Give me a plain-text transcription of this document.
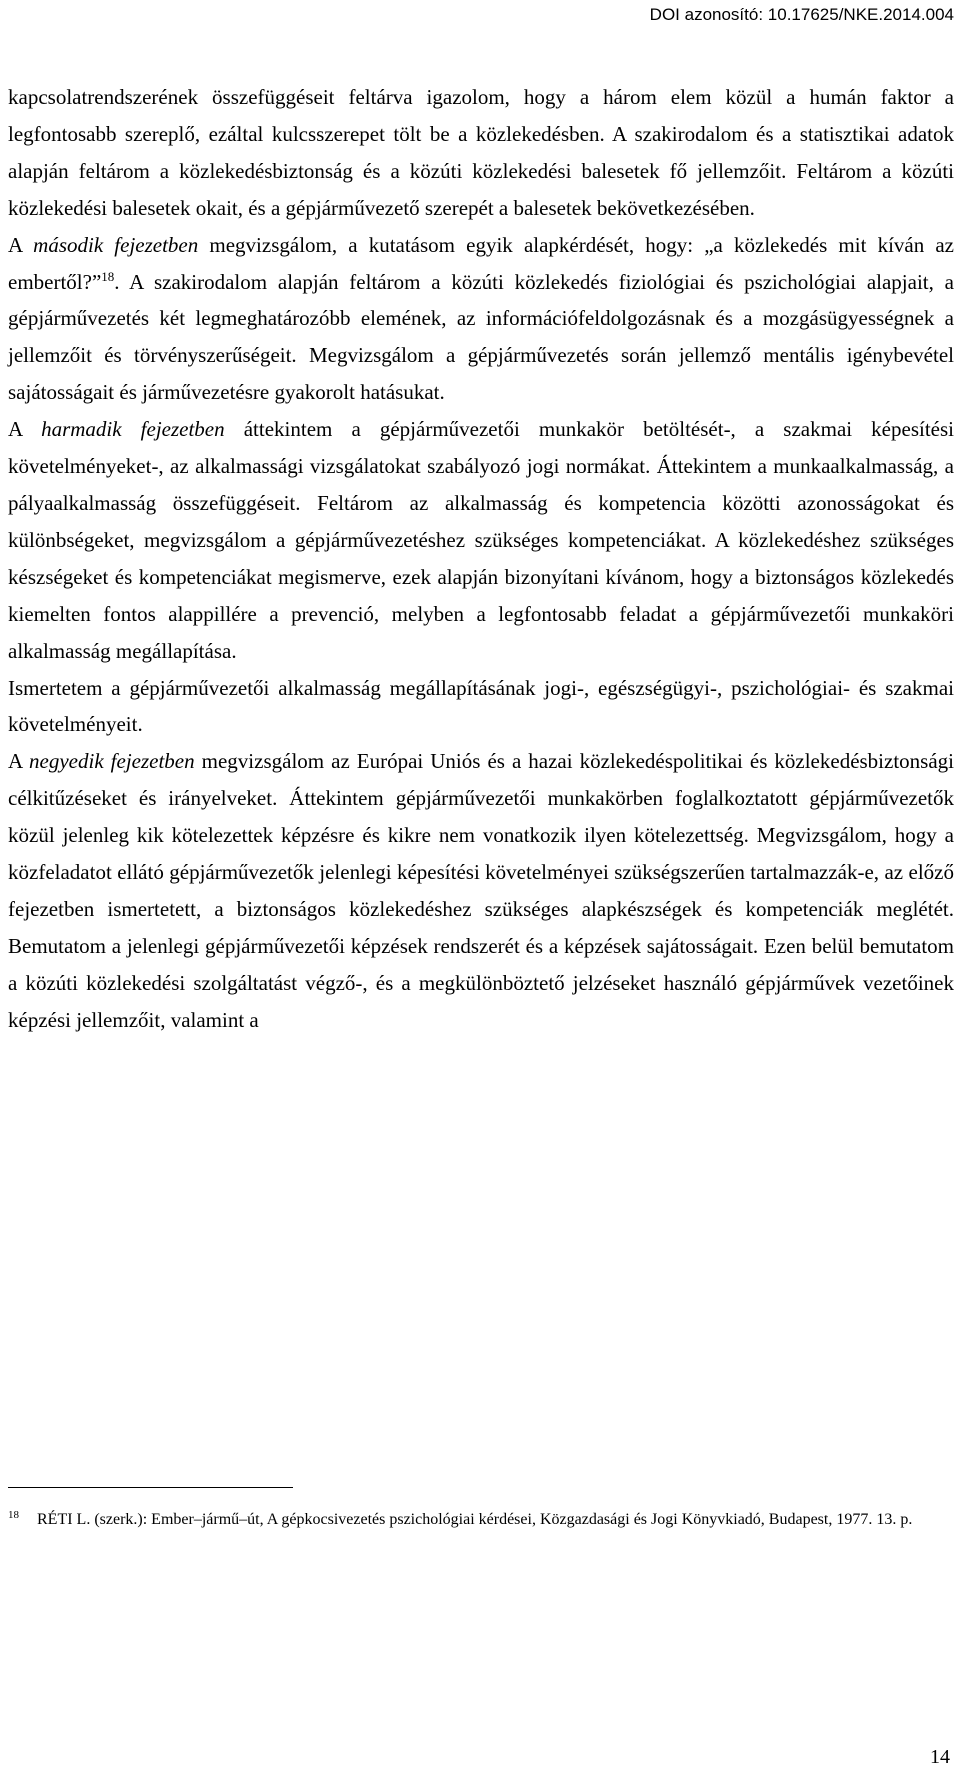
DOI azonosító: 10.17625/NKE.2014.004

kapcsolatrendszerének összefüggéseit feltárva igazolom, hogy a három elem közül a humán faktor a legfontosabb szereplő, ezáltal kulcsszerepet tölt be a közlekedésben. A szakirodalom és a statisztikai adatok alapján feltárom a közlekedésbiztonság és a közúti közlekedési balesetek fő jellemzőit. Feltárom a közúti közlekedési balesetek okait, és a gépjárművezető szerepét a balesetek bekövetkezésében.

A második fejezetben megvizsgálom, a kutatásom egyik alapkérdését, hogy: „a közlekedés mit kíván az embertől?”$^{18}$. A szakirodalom alapján feltárom a közúti közlekedés fiziológiai és pszichológiai alapjait, a gépjárművezetés két legmeghatározóbb elemének, az információfeldolgozásnak és a mozgásügyességnek a jellemzőit és törvényszerűségeit. Megvizsgálom a gépjárművezetés során jellemző mentális igénybevétel sajátosságait és járművezetésre gyakorolt hatásukat.

A harmadik fejezetben áttekintem a gépjárművezetői munkakör betöltését-, a szakmai képesítési követelményeket-, az alkalmassági vizsgálatokat szabályozó jogi normákat. Áttekintem a munkaalkalmasság, a pályaalkalmasság összefüggéseit. Feltárom az alkalmasság és kompetencia közötti azonosságokat és különbségeket, megvizsgálom a gépjárművezetéshez szükséges kompetenciákat. A közlekedéshez szükséges készségeket és kompetenciákat megismerve, ezek alapján bizonyítani kívánom, hogy a biztonságos közlekedés kiemelten fontos alappillére a prevenció, melyben a legfontosabb feladat a gépjárművezetői munkaköri alkalmasság megállapítása.

Ismertetem a gépjárművezetői alkalmasság megállapításának jogi-, egészségügyi-, pszichológiai- és szakmai követelményeit.

A negyedik fejezetben megvizsgálom az Európai Uniós és a hazai közlekedéspolitikai és közlekedésbiztonsági célkitűzéseket és irányelveket. Áttekintem gépjárművezetői munkakörben foglalkoztatott gépjárművezetők közül jelenleg kik kötelezettek képzésre és kikre nem vonatkozik ilyen kötelezettség. Megvizsgálom, hogy a közfeladatot ellátó gépjárművezetők jelenlegi képesítési követelményei szükségszerűen tartalmazzák-e, az előző fejezetben ismertetett, a biztonságos közlekedéshez szükséges alapkészségek és kompetenciák meglétét. Bemutatom a jelenlegi gépjárművezetői képzések rendszerét és a képzések sajátosságait. Ezen belül bemutatom a közúti közlekedési szolgáltatást végző-, és a megkülönböztető jelzéseket használó gépjárművek vezetőinek képzési jellemzőit, valamint a

18 RÉTI L. (szerk.): Ember–jármű–út, A gépkocsivezetés pszichológiai kérdései, Közgazdasági és Jogi Könyvkiadó, Budapest, 1977. 13. p.

14
